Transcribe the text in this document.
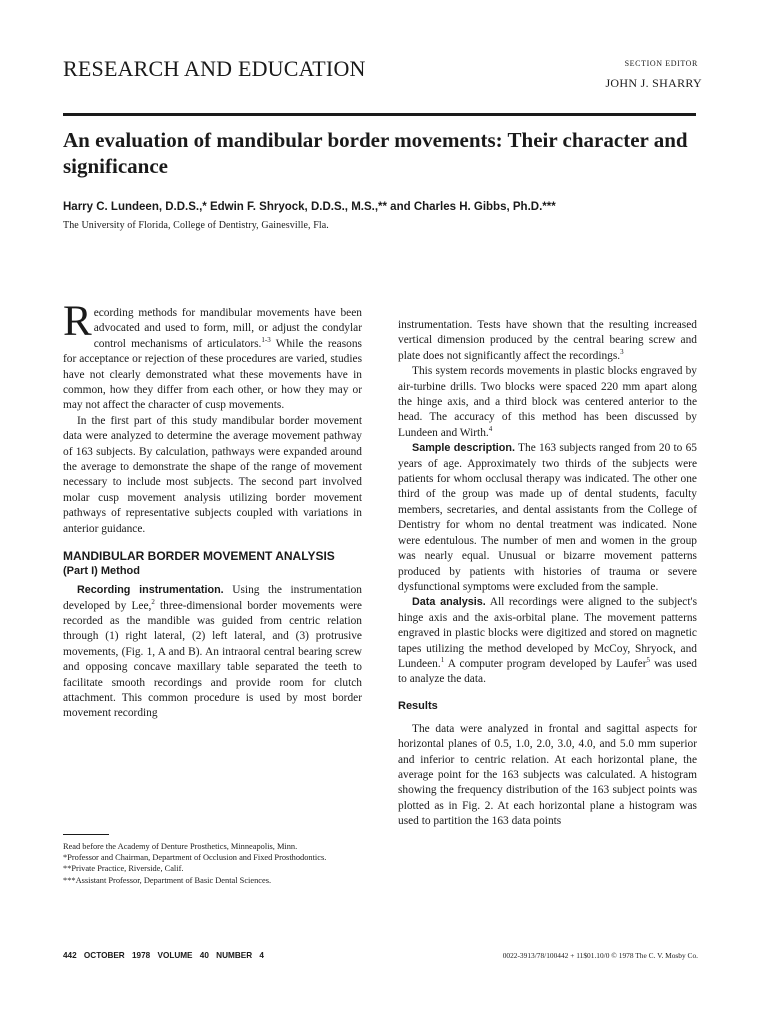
RESEARCH AND EDUCATION	SECTION EDITOR
JOHN J. SHARRY
An evaluation of mandibular border movements: Their character and significance
Harry C. Lundeen, D.D.S.,* Edwin F. Shryock, D.D.S., M.S.,** and Charles H. Gibbs, Ph.D.***
The University of Florida, College of Dentistry, Gainesville, Fla.

Recording methods for mandibular movements have been advocated and used to form, mill, or adjust the condylar control mechanisms of articulators.$^{1-3}$ While the reasons for acceptance or rejection of these procedures are varied, studies have not clearly demonstrated what these movements have in common, how they differ from each other, or how they may or may not affect the character of cusp movements.

In the first part of this study mandibular border movement data were analyzed to determine the average movement pathway of 163 subjects. By calculation, pathways were expanded around the average to demonstrate the shape of the range of movement necessary to include most subjects. The second part involved molar cusp movement analysis utilizing border movement pathways of representative subjects coupled with variations in anterior guidance.

MANDIBULAR BORDER MOVEMENT ANALYSIS
(Part I) Method

Recording instrumentation. Using the instrumentation developed by Lee,$^2$ three-dimensional border movements were recorded as the mandible was guided from centric relation through (1) right lateral, (2) left lateral, and (3) protrusive movements, (Fig. 1, A and B). An intraoral central bearing screw and opposing concave maxillary table separated the teeth to facilitate smooth recordings and provide room for clutch attachment. This common procedure is used by most border movement recording

instrumentation. Tests have shown that the resulting increased vertical dimension produced by the central bearing screw and plate does not significantly affect the recordings.$^3$

This system records movements in plastic blocks engraved by air-turbine drills. Two blocks were spaced 220 mm apart along the hinge axis, and a third block was centered anterior to the head. The accuracy of this method has been discussed by Lundeen and Wirth.$^4$

Sample description. The 163 subjects ranged from 20 to 65 years of age. Approximately two thirds of the subjects were patients for whom occlusal therapy was indicated. The other one third of the group was made up of dental students, faculty members, secretaries, and dental assistants from the College of Dentistry for whom no dental treatment was indicated. None were edentulous. The number of men and women in the group was nearly equal. Unusual or bizarre movement patterns produced by patients with histories of trauma or severe dysfunctional symptoms were excluded from the sample.

Data analysis. All recordings were aligned to the subject's hinge axis and the axis-orbital plane. The movement patterns engraved in plastic blocks were digitized and stored on magnetic tapes utilizing the method developed by McCoy, Shryock, and Lundeen.$^1$ A computer program developed by Laufer$^5$ was used to analyze the data.

Results

The data were analyzed in frontal and sagittal aspects for horizontal planes of 0.5, 1.0, 2.0, 3.0, 4.0, and 5.0 mm superior and inferior to centric relation. At each horizontal plane, the average point for the 163 subjects was calculated. A histogram showing the frequency distribution of the 163 subject points was plotted as in Fig. 2. At each horizontal plane a histogram was used to partition the 163 data points

Read before the Academy of Denture Prosthetics, Minneapolis, Minn.

*Professor and Chairman, Department of Occlusion and Fixed Prosthodontics.

**Private Practice, Riverside, Calif.

***Assistant Professor, Department of Basic Dental Sciences.

442 OCTOBER 1978 VOLUME 40 NUMBER 4	0022-3913/78/100442 + 11$01.10/0 © 1978 The C. V. Mosby Co.
